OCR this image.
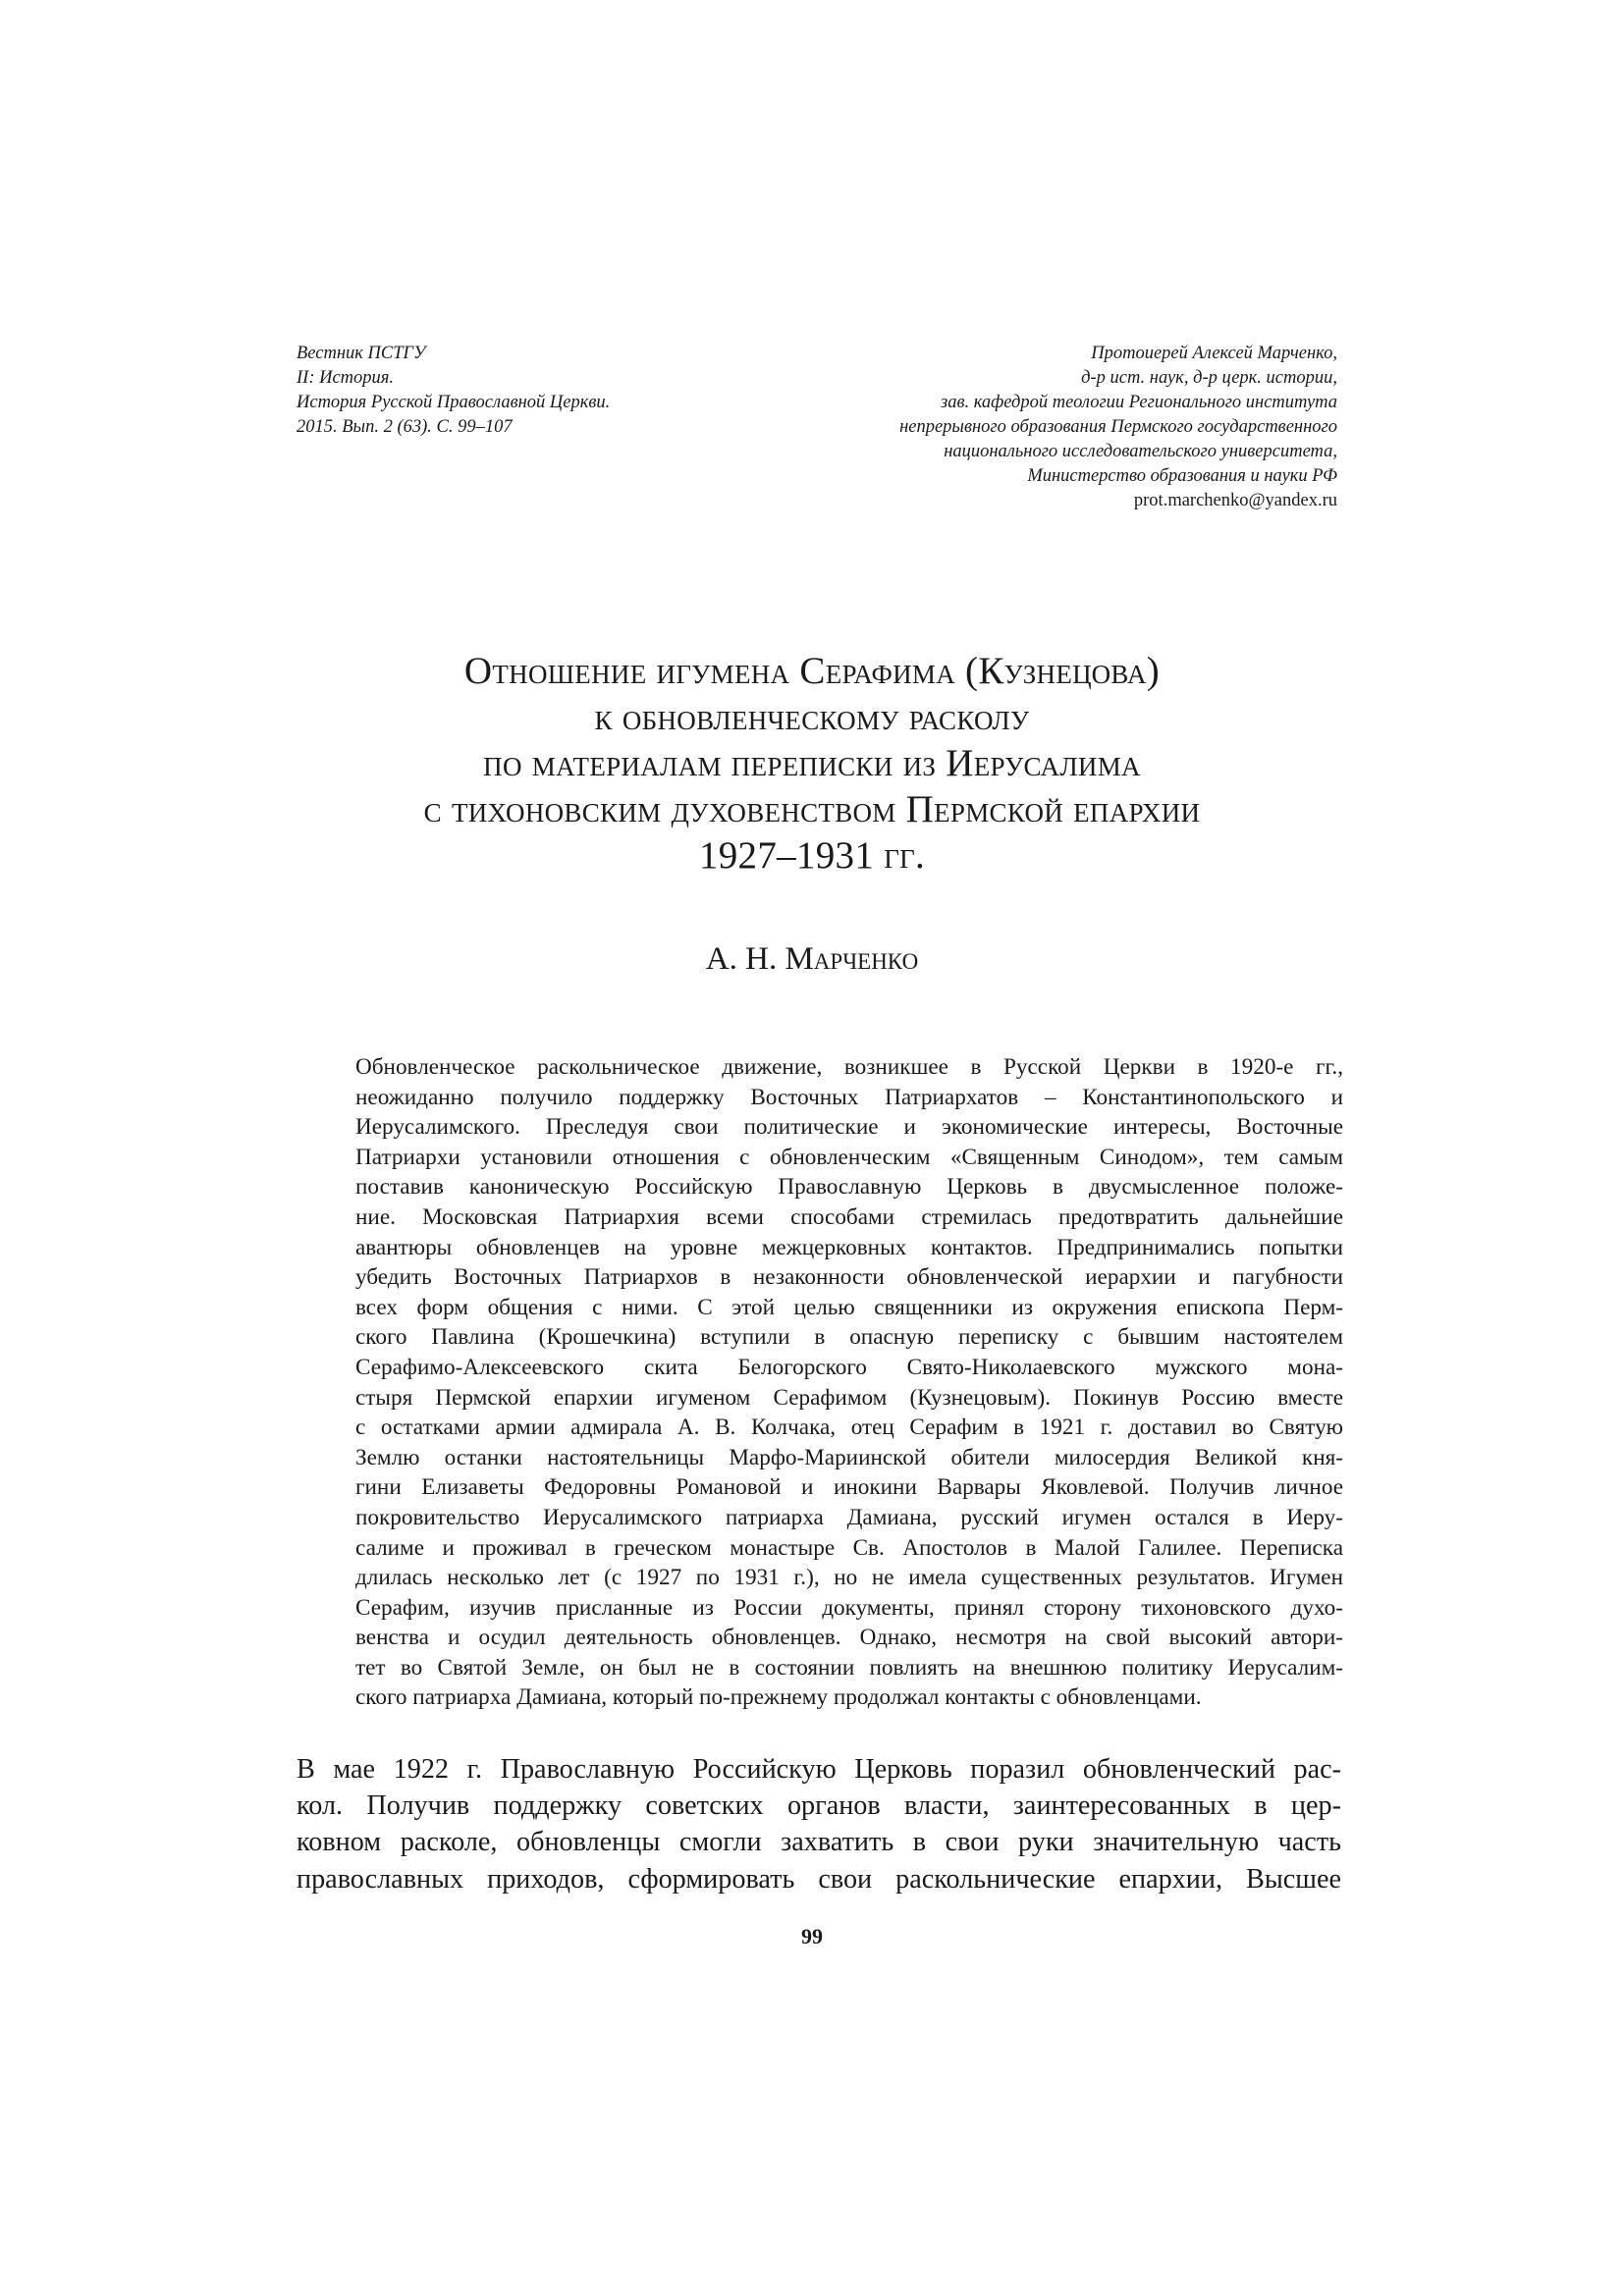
Вестник ПСТГУ
II: История.
История Русской Православной Церкви.
2015. Вып. 2 (63). С. 99–107
Протоиерей Алексей Марченко,
д-р ист. наук, д-р церк. истории,
зав. кафедрой теологии Регионального института
непрерывного образования Пермского государственного
национального исследовательского университета,
Министерство образования и науки РФ
prot.marchenko@yandex.ru
Отношение игумена Серафима (Кузнецова)
к обновленческому расколу
по материалам переписки из Иерусалима
с тихоновским духовенством Пермской епархии
1927–1931 гг.
А. Н. Марченко
Обновленческое раскольническое движение, возникшее в Русской Церкви в 1920-е гг.,
неожиданно получило поддержку Восточных Патриархатов – Константинопольского и
Иерусалимского. Преследуя свои политические и экономические интересы, Восточные
Патриархи установили отношения с обновленческим «Священным Синодом», тем самым
поставив каноническую Российскую Православную Церковь в двусмысленное положе-
ние. Московская Патриархия всеми способами стремилась предотвратить дальнейшие
авантюры обновленцев на уровне межцерковных контактов. Предпринимались попытки
убедить Восточных Патриархов в незаконности обновленческой иерархии и пагубности
всех форм общения с ними. С этой целью священники из окружения епископа Перм-
ского Павлина (Крошечкина) вступили в опасную переписку с бывшим настоятелем
Серафимо-Алексеевского скита Белогорского Свято-Николаевского мужского мона-
стыря Пермской епархии игуменом Серафимом (Кузнецовым). Покинув Россию вместе
с остатками армии адмирала А. В. Колчака, отец Серафим в 1921 г. доставил во Святую
Землю останки настоятельницы Марфо-Мариинской обители милосердия Великой кня-
гини Елизаветы Федоровны Романовой и инокини Варвары Яковлевой. Получив личное
покровительство Иерусалимского патриарха Дамиана, русский игумен остался в Иеру-
салиме и проживал в греческом монастыре Св. Апостолов в Малой Галилее. Переписка
длилась несколько лет (с 1927 по 1931 г.), но не имела существенных результатов. Игумен
Серафим, изучив присланные из России документы, принял сторону тихоновского духо-
венства и осудил деятельность обновленцев. Однако, несмотря на свой высокий автори-
тет во Святой Земле, он был не в состоянии повлиять на внешнюю политику Иерусалим-
ского патриарха Дамиана, который по-прежнему продолжал контакты с обновленцами.
В мае 1922 г. Православную Российскую Церковь поразил обновленческий рас-
кол. Получив поддержку советских органов власти, заинтересованных в цер-
ковном расколе, обновленцы смогли захватить в свои руки значительную часть
православных приходов, сформировать свои раскольнические епархии, Высшее
99
